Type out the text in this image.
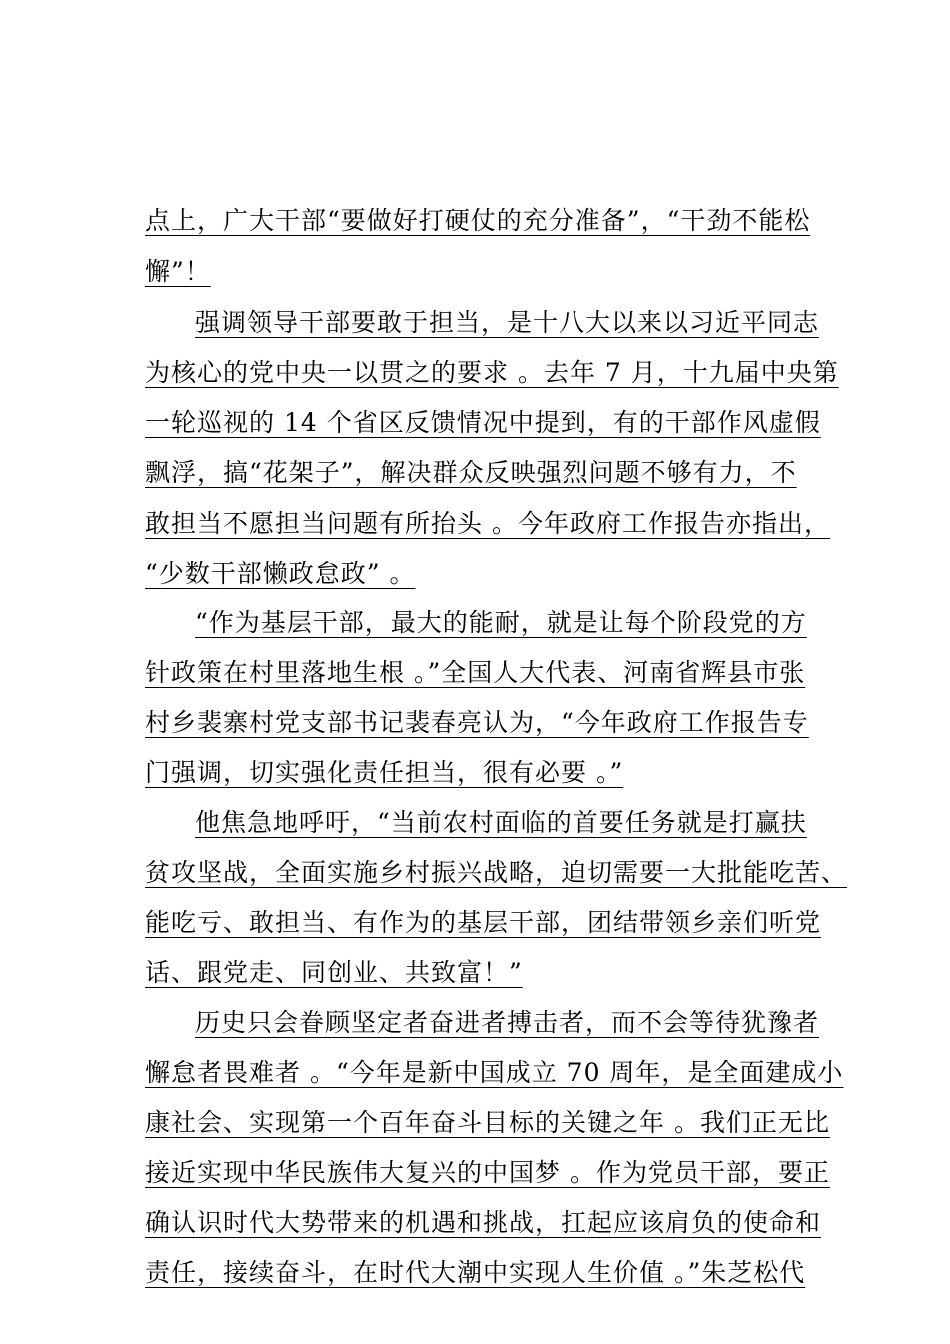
点上，广大干部“要做好打硬仗的充分准备”，“干劲不能松
懈”！
强调领导干部要敢于担当，是十八大以来以习近平同志
为核心的党中央一以贯之的要求 。去年 7 月，十九届中央第
一轮巡视的 14 个省区反馈情况中提到，有的干部作风虚假
飘浮，搞“花架子”，解决群众反映强烈问题不够有力，不
敢担当不愿担当问题有所抬头 。今年政府工作报告亦指出，
“少数干部懒政怠政” 。
“作为基层干部，最大的能耐，就是让每个阶段党的方
针政策在村里落地生根 。”全国人大代表、河南省辉县市张
村乡裴寨村党支部书记裴春亮认为，“今年政府工作报告专
门强调，切实强化责任担当，很有必要 。”
他焦急地呼吁，“当前农村面临的首要任务就是打赢扶
贫攻坚战，全面实施乡村振兴战略，迫切需要一大批能吃苦、
能吃亏、敢担当、有作为的基层干部，团结带领乡亲们听党
话、跟党走、同创业、共致富！”
历史只会眷顾坚定者奋进者搏击者，而不会等待犹豫者
懈怠者畏难者 。“今年是新中国成立 70 周年，是全面建成小
康社会、实现第一个百年奋斗目标的关键之年 。我们正无比
接近实现中华民族伟大复兴的中国梦 。作为党员干部，要正
确认识时代大势带来的机遇和挑战，扛起应该肩负的使命和
责任，接续奋斗，在时代大潮中实现人生价值 。”朱芝松代
